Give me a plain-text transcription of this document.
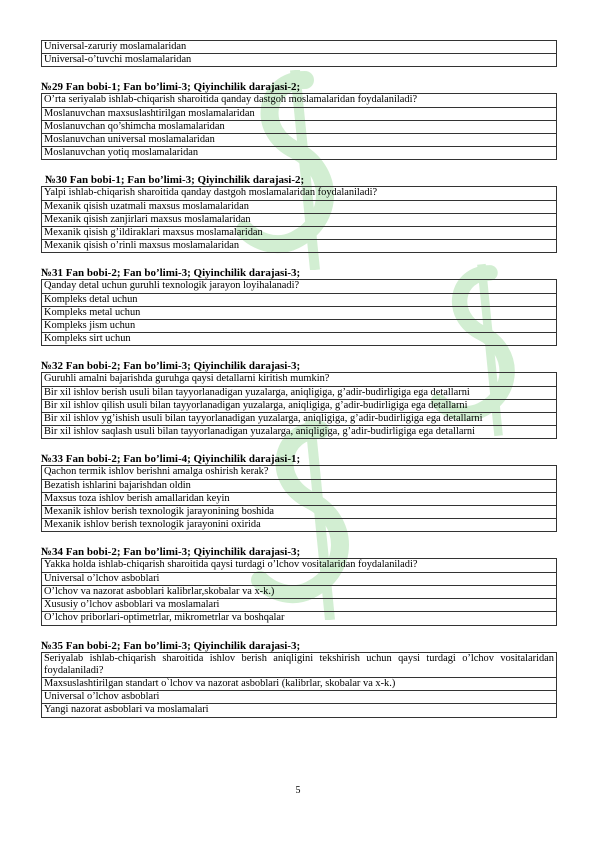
Universal-zaruriy moslamalaridan
Universal-o’tuvchi moslamalaridan
№29 Fan bobi-1; Fan bo’limi-3; Qiyinchilik darajasi-2;
O’rta seriyalab ishlab-chiqarish sharoitida qanday dastgoh moslamalaridan foydalaniladi?
Moslanuvchan maxsuslashtirilgan moslamalaridan
Moslanuvchan qo’shimcha moslamalaridan
Moslanuvchan universal moslamalaridan
Moslanuvchan yotiq moslamalaridan
№30 Fan bobi-1; Fan bo’limi-3; Qiyinchilik darajasi-2;
Yalpi ishlab-chiqarish sharoitida qanday dastgoh moslamalaridan foydalaniladi?
Mexanik qisish uzatmali maxsus moslamalaridan
Mexanik qisish zanjirlari maxsus moslamalaridan
Mexanik qisish g’ildiraklari maxsus moslamalaridan
Mexanik qisish o’rinli maxsus moslamalaridan
№31 Fan bobi-2; Fan bo’limi-3; Qiyinchilik darajasi-3;
Qanday detal uchun guruhli texnologik jarayon loyihalanadi?
Kompleks detal uchun
Kompleks metal uchun
Kompleks jism uchun
Kompleks sirt uchun
№32 Fan bobi-2; Fan bo’limi-3; Qiyinchilik darajasi-3;
Guruhli amalni bajarishda guruhga qaysi detallarni kiritish mumkin?
Bir xil ishlov berish usuli bilan tayyorlanadigan yuzalarga, aniqligiga, g’adir-budirligiga ega detallarni
Bir xil ishlov qilish usuli bilan tayyorlanadigan yuzalarga, aniqligiga, g’adir-budirligiga ega detallarni
Bir xil ishlov yg’ishish usuli bilan tayyorlanadigan yuzalarga, aniqligiga, g’adir-budirligiga ega detallarni
Bir xil ishlov saqlash usuli bilan tayyorlanadigan yuzalarga, aniqligiga, g’adir-budirligiga ega detallarni
№33 Fan bobi-2; Fan bo’limi-4; Qiyinchilik darajasi-1;
Qachon termik ishlov berishni amalga oshirish kerak?
Bezatish ishlarini bajarishdan oldin
Maxsus toza ishlov berish amallaridan keyin
Mexanik ishlov berish texnologik jarayonining boshida
Mexanik ishlov berish texnologik jarayonini oxirida
№34 Fan bobi-2; Fan bo’limi-3; Qiyinchilik darajasi-3;
Yakka holda ishlab-chiqarish sharoitida qaysi turdagi o’lchov vositalaridan foydalaniladi?
Universal o’lchov asboblari
O’lchov va nazorat asboblari kalibrlar,skobalar va x-k.)
Xususiy o’lchov asboblari va moslamalari
O’lchov priborlari-optimetrlar, mikrometrlar va boshqalar
№35 Fan bobi-2; Fan bo’limi-3; Qiyinchilik darajasi-3;
Seriyalab ishlab-chiqarish sharoitida ishlov berish aniqligini tekshirish uchun qaysi turdagi o’lchov vositalaridan foydalaniladi?
Maxsuslashtirilgan standart o`lchov va nazorat asboblari (kalibrlar, skobalar va x-k.)
Universal o’lchov asboblari
Yangi nazorat asboblari va moslamalari
5
